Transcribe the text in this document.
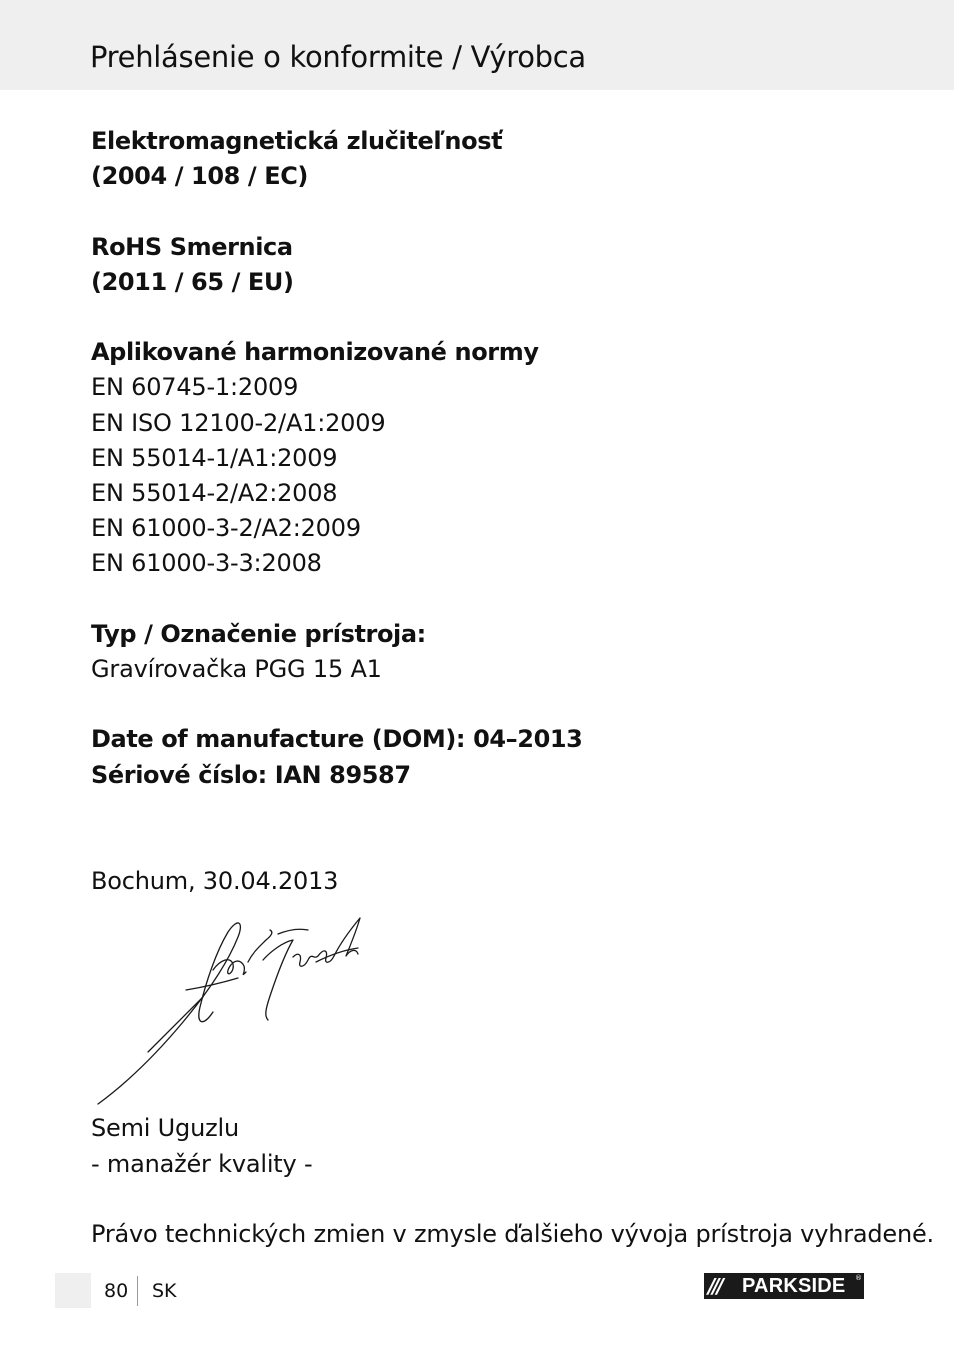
Prehlásenie o konformite / Výrobca
Elektromagnetická zlučiteľnosť
(2004 / 108 / EC)
RoHS Smernica
(2011 / 65 / EU)
Aplikované harmonizované normy
EN 60745-1:2009
EN ISO 12100-2/A1:2009
EN 55014-1/A1:2009
EN 55014-2/A2:2008
EN 61000-3-2/A2:2009
EN 61000-3-3:2008
Typ / Označenie prístroja:
Gravírovačka PGG 15 A1
Date of manufacture (DOM): 04–2013
Sériové číslo: IAN 89587
Bochum, 30.04.2013
Semi Uguzlu
- manažér kvality -
Právo technických zmien v zmysle ďalšieho vývoja prístroja vyhradené.
80 SK	/// PARKSIDE ®
